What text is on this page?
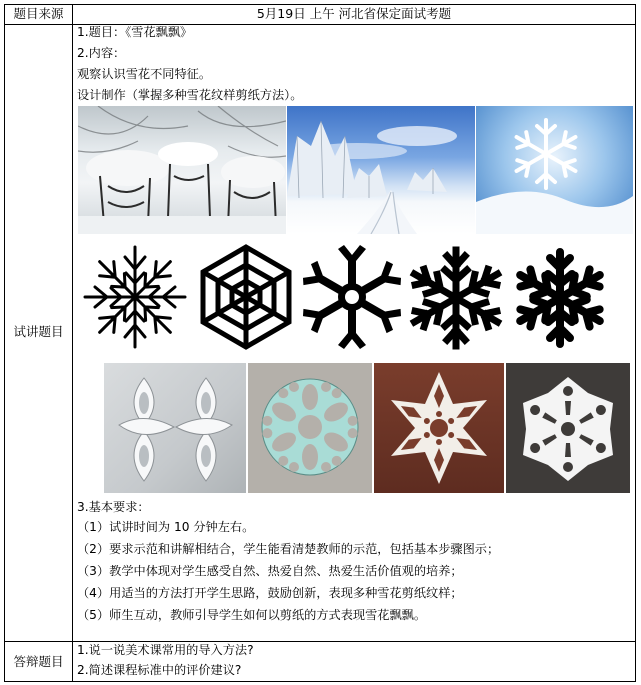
题目来源	5月19日 上午 河北省保定面试考题
试讲题目
答辩题目
1.题目：《雪花飘飘》
2.内容：
观察认识雪花不同特征。
设计制作（掌握多种雪花纹样剪纸方法）。
3.基本要求：
（1）试讲时间为 10 分钟左右。
（2）要求示范和讲解相结合，学生能看清楚教师的示范，包括基本步骤图示；
（3）教学中体现对学生感受自然、热爱自然、热爱生活价值观的培养；
（4）用适当的方法打开学生思路，鼓励创新，表现多种雪花剪纸纹样；
（5）师生互动，教师引导学生如何以剪纸的方式表现雪花飘飘。
1.说一说美术课常用的导入方法?
2.简述课程标准中的评价建议?
